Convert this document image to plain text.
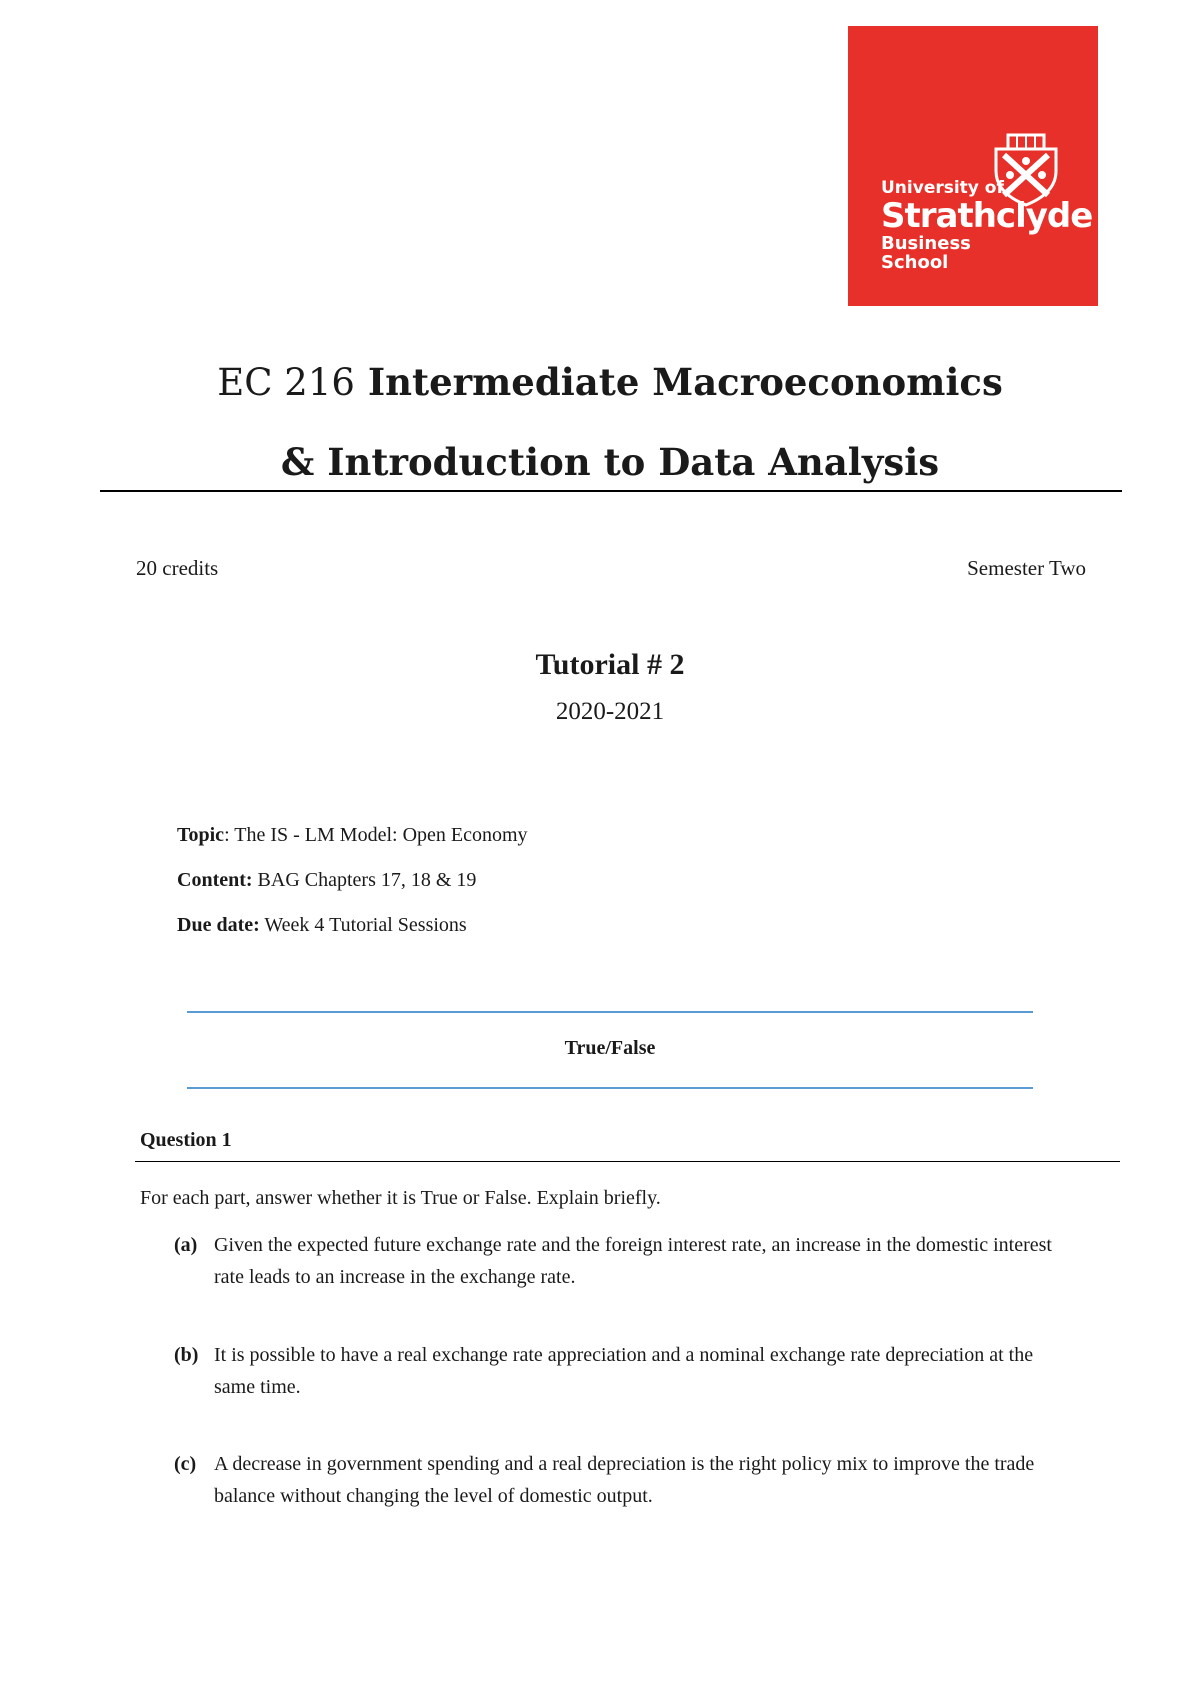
University of
Strathclyde
Business
School
EC 216 Intermediate Macroeconomics
& Introduction to Data Analysis
20 credits	Semester Two
Tutorial # 2
2020-2021
Topic: The IS - LM Model: Open Economy
Content: BAG Chapters 17, 18 & 19
Due date: Week 4 Tutorial Sessions
True/False
Question 1
For each part, answer whether it is True or False. Explain briefly.
(a) Given the expected future exchange rate and the foreign interest rate, an increase in the domestic interest rate leads to an increase in the exchange rate.
(b) It is possible to have a real exchange rate appreciation and a nominal exchange rate depreciation at the same time.
(c) A decrease in government spending and a real depreciation is the right policy mix to improve the trade balance without changing the level of domestic output.
